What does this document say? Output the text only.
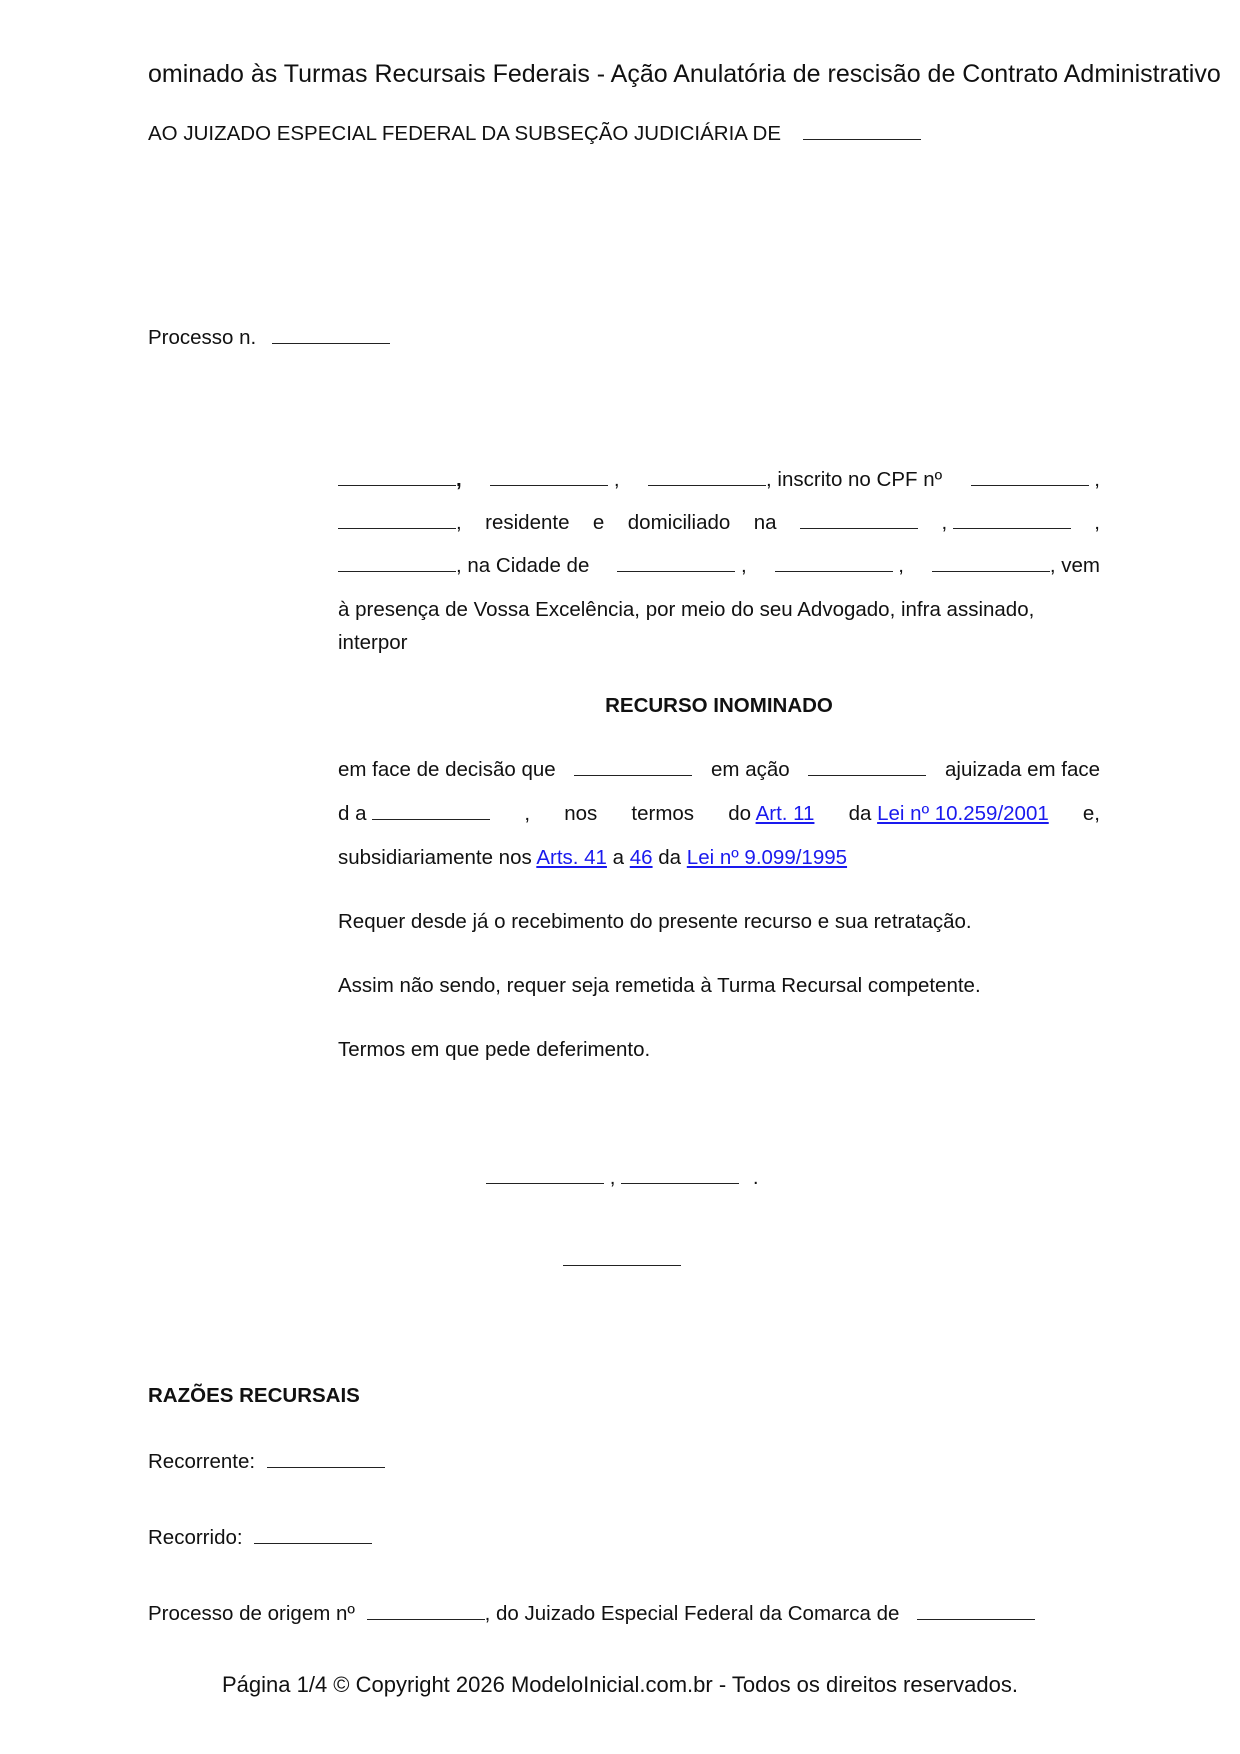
ominado às Turmas Recursais Federais - Ação Anulatória de rescisão de Contrato Administrativo
AO JUIZADO ESPECIAL FEDERAL DA SUBSEÇÃO JUDICIÁRIA DE
Processo n.
,	,	, inscrito no CPF nº	,
, residente e domiciliado na	,	,
, na Cidade de	,	,	, vem
à presença de Vossa Excelência, por meio do seu Advogado, infra assinado,
interpor
RECURSO INOMINADO
em face de decisão que	em ação	ajuizada em face
d a	, nos termos do Art. 11 da Lei nº 10.259/2001 e,
subsidiariamente nos Arts. 41 a 46 da Lei nº 9.099/1995
Requer desde já o recebimento do presente recurso e sua retratação.
Assim não sendo, requer seja remetida à Turma Recursal competente.
Termos em que pede deferimento.
,	.
RAZÕES RECURSAIS
Recorrente:
Recorrido:
Processo de origem nº	, do Juizado Especial Federal da Comarca de
Página 1/4 © Copyright 2026 ModeloInicial.com.br - Todos os direitos reservados.
